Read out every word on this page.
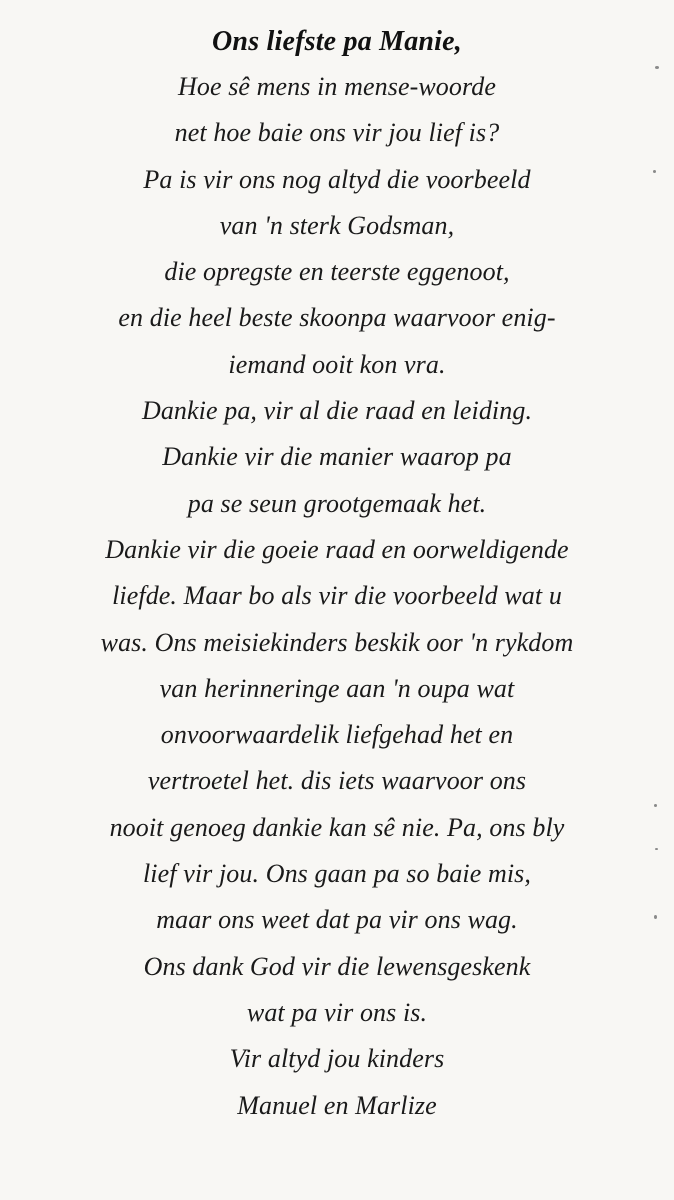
Ons liefste pa Manie,

Hoe sê mens in mense-woorde

net hoe baie ons vir jou lief is?

Pa is vir ons nog altyd die voorbeeld

van 'n sterk Godsman,

die opregste en teerste eggenoot,

en die heel beste skoonpa waarvoor enig-

iemand ooit kon vra.

Dankie pa, vir al die raad en leiding.

Dankie vir die manier waarop pa

pa se seun grootgemaak het.

Dankie vir die goeie raad en oorweldigende

liefde. Maar bo als vir die voorbeeld wat u

was. Ons meisiekinders beskik oor 'n rykdom

van herinneringe aan 'n oupa wat

onvoorwaardelik liefgehad het en

vertroetel het. dis iets waarvoor ons

nooit genoeg dankie kan sê nie. Pa, ons bly

lief vir jou. Ons gaan pa so baie mis,

maar ons weet dat pa vir ons wag.

Ons dank God vir die lewensgeskenk

wat pa vir ons is.

Vir altyd jou kinders

Manuel en Marlize
